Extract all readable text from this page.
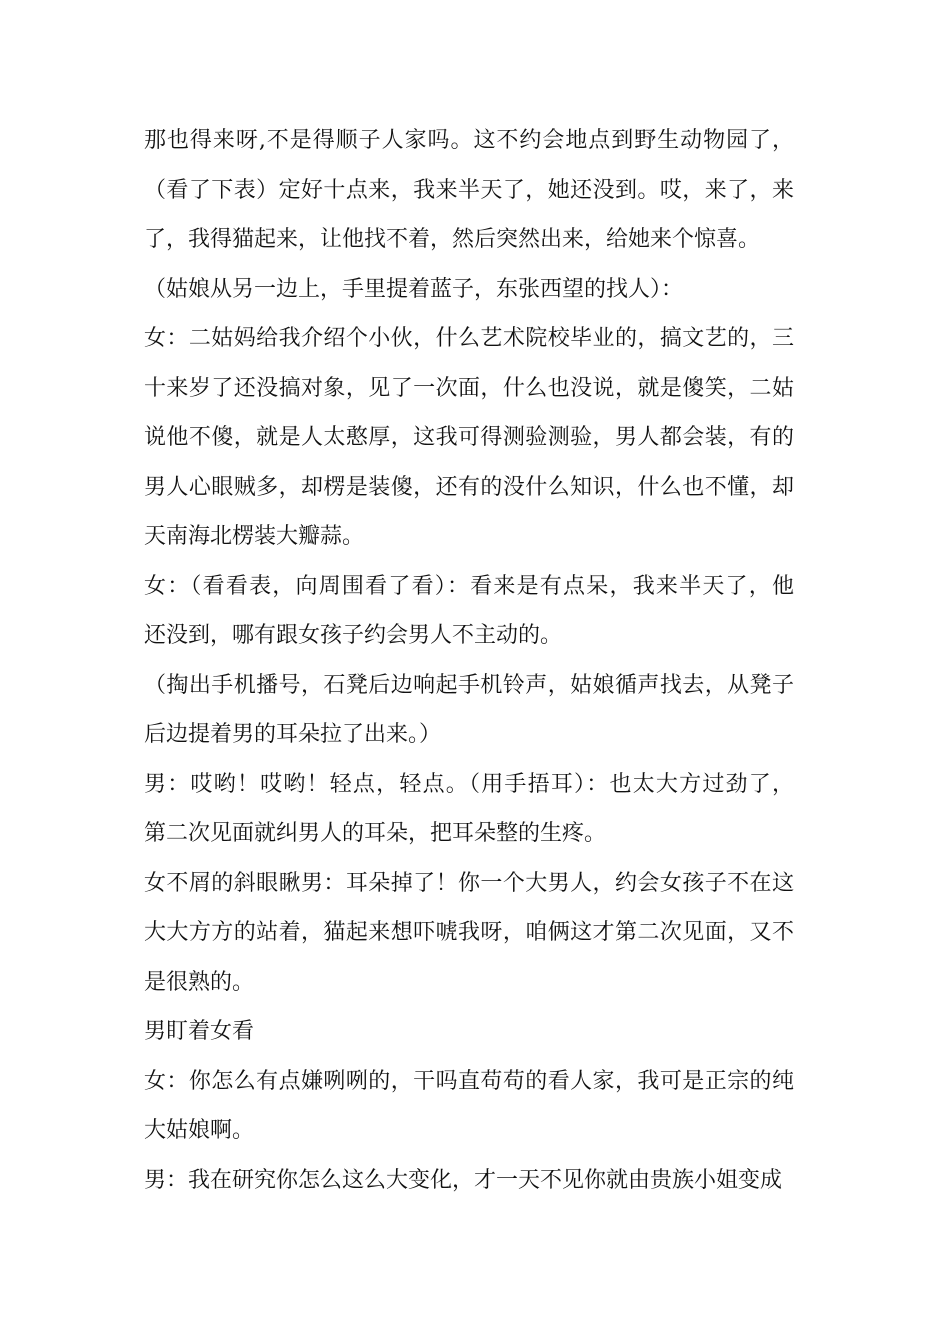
那也得来呀,不是得顺子人家吗。这不约会地点到野生动物园了，
（看了下表）定好十点来，我来半天了，她还没到。哎，来了，来
了，我得猫起来，让他找不着，然后突然出来，给她来个惊喜。
（姑娘从另一边上，手里提着蓝子，东张西望的找人）：
女：二姑妈给我介绍个小伙，什么艺术院校毕业的，搞文艺的，三
十来岁了还没搞对象，见了一次面，什么也没说，就是傻笑，二姑
说他不傻，就是人太憨厚，这我可得测验测验，男人都会装，有的
男人心眼贼多，却楞是装傻，还有的没什么知识，什么也不懂，却
天南海北楞装大瓣蒜。
女：（看看表，向周围看了看）：看来是有点呆，我来半天了，他
还没到，哪有跟女孩子约会男人不主动的。
（掏出手机播号，石凳后边响起手机铃声，姑娘循声找去，从凳子
后边提着男的耳朵拉了出来。）
男：哎哟！哎哟！轻点，轻点。（用手捂耳）：也太大方过劲了，
第二次见面就纠男人的耳朵，把耳朵整的生疼。
女不屑的斜眼瞅男：耳朵掉了！你一个大男人，约会女孩子不在这
大大方方的站着，猫起来想吓唬我呀，咱俩这才第二次见面，又不
是很熟的。
男盯着女看
女：你怎么有点嫌咧咧的，干吗直苟苟的看人家，我可是正宗的纯
大姑娘啊。
男：我在研究你怎么这么大变化，才一天不见你就由贵族小姐变成
